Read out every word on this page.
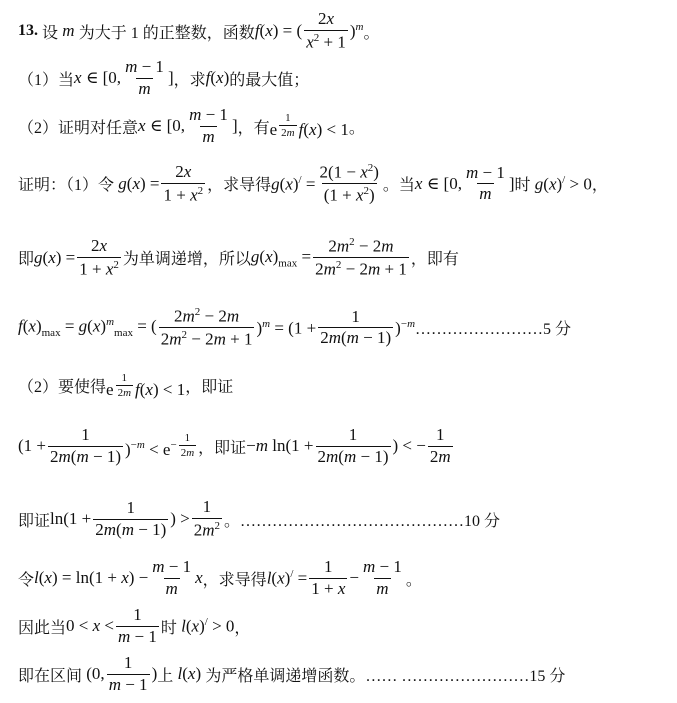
13.
设 m 为大于 1 的正整数，函数 f(x) = ( $\frac{2x}{x^2 + 1} )^m$ 。
（1）当 x ∈ [0, $\frac{m - 1}{m}$ ] ，求 f(x) 的最大值；
（2）证明对任意 x ∈ [0, $\frac{m - 1}{m}$ ] ，有 e $^{\frac{1}{2m}}$ f(x) < 1 。
证明：（1）令 $g(x) = \frac{2x}{1 + x^2}$ ，求导得 $g(x)^/ = \frac{2(1 - x^2)}{(1 + x^2)}$ 。当 x ∈ [0, $\frac{m - 1}{m}$ ] 时 g(x)/ > 0 ，
即 $g(x) = \frac{2x}{1 + x^2}$ 为单调递增，所以 $g(x)_{max} = \frac{2m^2 - 2m}{2m^2 - 2m + 1}$ ，即有
$f(x)_{max} = g(x)^m_{max}$ = ( $\frac{2m^2 - 2m}{2m^2 - 2m + 1} )^m = (1 + \frac{1}{2m(m - 1)} )^{-m}$ ……………………5 分
（2）要使得 e $^{\frac{1}{2m}}$ f(x) < 1 ，即证
$(1 + \frac{1}{2m(m - 1)} )^{-m} < e^{- \frac{1}{2m}}$ ，即证 −m $\ln(1 + \frac{1}{2m(m - 1)}$ ) < − $\frac{1}{2m}$
即证 $\ln(1 + \frac{1}{2m(m - 1)}$ ) > $\frac{1}{2m^2}$ 。……………………………………10 分
令 $l(x) = \ln(1 + x) - \frac{m - 1}{m}$ x ，求导得 $l(x)^/ = \frac{1}{1 + x} - \frac{m - 1}{m}$ 。
因此当 $0 < x < \frac{1}{m - 1}$ 时 l(x)/ > 0 ，
即在区间 (0, $\frac{1}{m - 1}$ ) 上 l(x) 为严格单调递增函数。 …… ……………………15 分
